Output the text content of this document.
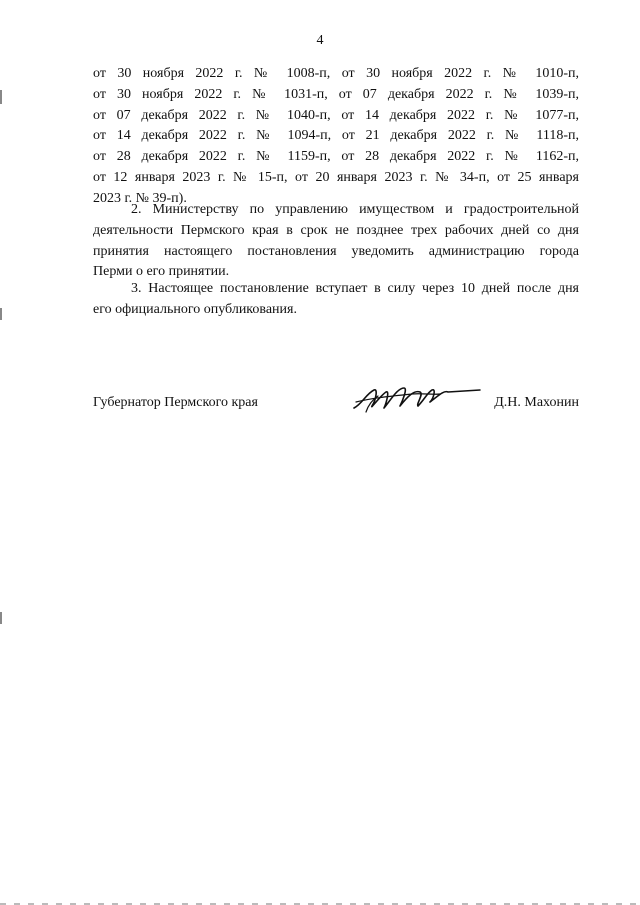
4
от 30 ноября 2022 г. № 1008-п, от 30 ноября 2022 г. № 1010-п,
от 30 ноября 2022 г. № 1031-п, от 07 декабря 2022 г. № 1039-п,
от 07 декабря 2022 г. № 1040-п, от 14 декабря 2022 г. № 1077-п,
от 14 декабря 2022 г. № 1094-п, от 21 декабря 2022 г. № 1118-п,
от 28 декабря 2022 г. № 1159-п, от 28 декабря 2022 г. № 1162-п,
от 12 января 2023 г. № 15-п, от 20 января 2023 г. № 34-п, от 25 января
2023 г. № 39-п).
2. Министерству по управлению имуществом и градостроительной
деятельности Пермского края в срок не позднее трех рабочих дней со дня
принятия настоящего постановления уведомить администрацию города
Перми о его принятии.
3. Настоящее постановление вступает в силу через 10 дней после дня
его официального опубликования.
Губернатор Пермского края	Д.Н. Махонин
